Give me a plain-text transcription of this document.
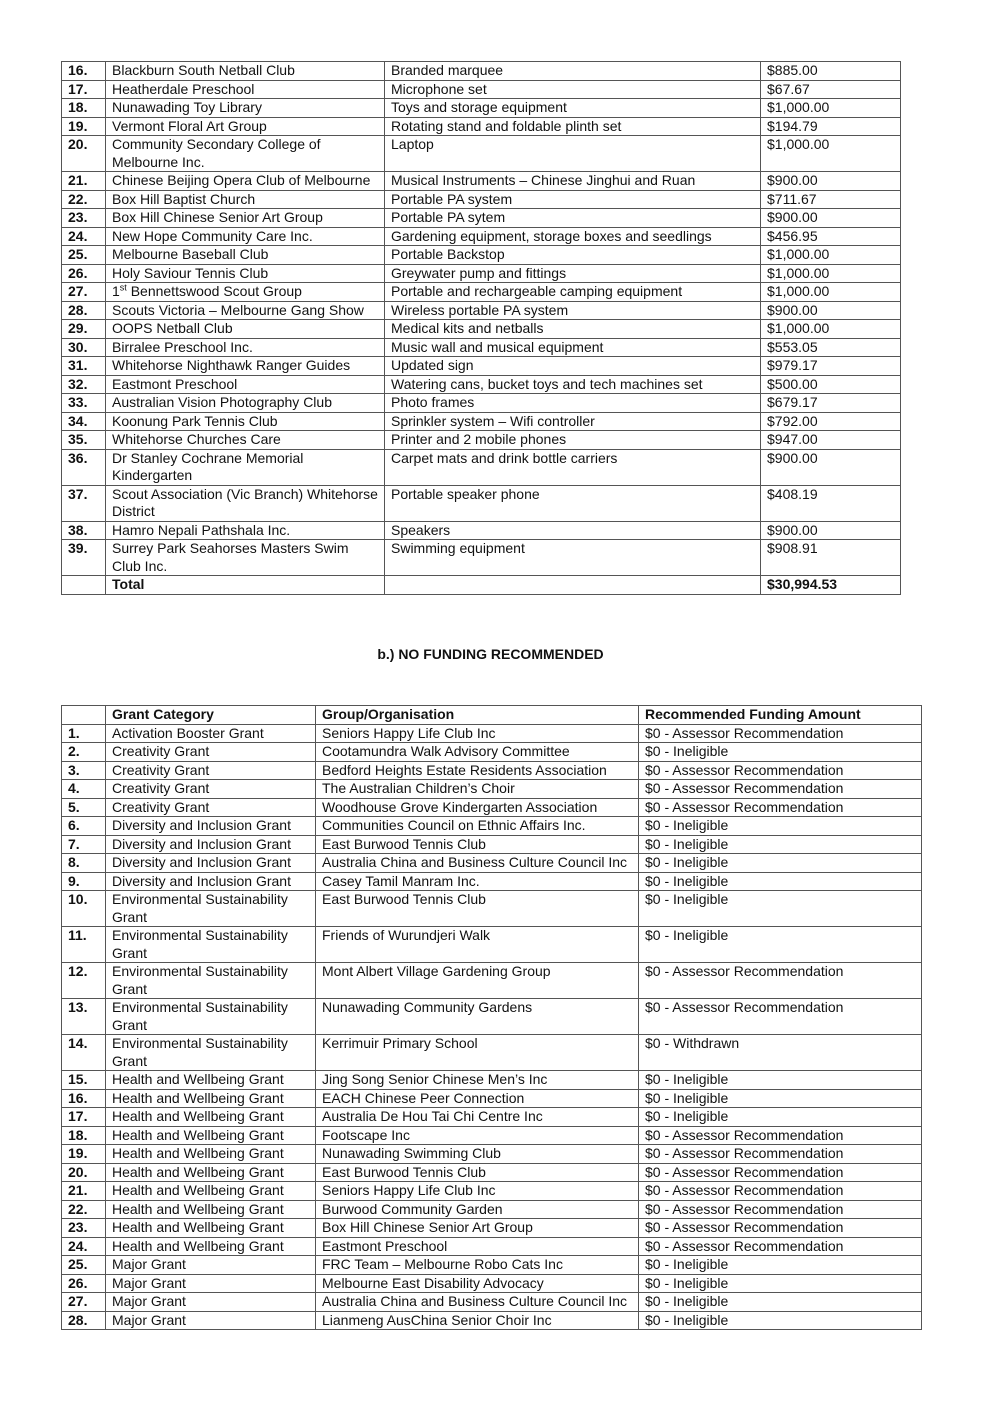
16.	Blackburn South Netball Club	Branded marquee	$885.00
17.	Heatherdale Preschool	Microphone set	$67.67
18.	Nunawading Toy Library	Toys and storage equipment	$1,000.00
19.	Vermont Floral Art Group	Rotating stand and foldable plinth set	$194.79
20.	Community Secondary College of Melbourne Inc.	Laptop	$1,000.00
21.	Chinese Beijing Opera Club of Melbourne	Musical Instruments – Chinese Jinghui and Ruan	$900.00
22.	Box Hill Baptist Church	Portable PA system	$711.67
23.	Box Hill Chinese Senior Art Group	Portable PA sytem	$900.00
24.	New Hope Community Care Inc.	Gardening equipment, storage boxes and seedlings	$456.95
25.	Melbourne Baseball Club	Portable Backstop	$1,000.00
26.	Holy Saviour Tennis Club	Greywater pump and fittings	$1,000.00
27.	1st Bennettswood Scout Group	Portable and rechargeable camping equipment	$1,000.00
28.	Scouts Victoria – Melbourne Gang Show	Wireless portable PA system	$900.00
29.	OOPS Netball Club	Medical kits and netballs	$1,000.00
30.	Birralee Preschool Inc.	Music wall and musical equipment	$553.05
31.	Whitehorse Nighthawk Ranger Guides	Updated sign	$979.17
32.	Eastmont Preschool	Watering cans, bucket toys and tech machines set	$500.00
33.	Australian Vision Photography Club	Photo frames	$679.17
34.	Koonung Park Tennis Club	Sprinkler system – Wifi controller	$792.00
35.	Whitehorse Churches Care	Printer and 2 mobile phones	$947.00
36.	Dr Stanley Cochrane Memorial Kindergarten	Carpet mats and drink bottle carriers	$900.00
37.	Scout Association (Vic Branch) Whitehorse District	Portable speaker phone	$408.19
38.	Hamro Nepali Pathshala Inc.	Speakers	$900.00
39.	Surrey Park Seahorses Masters Swim Club Inc.	Swimming equipment	$908.91
	Total		$30,994.53
b.) NO FUNDING RECOMMENDED
	Grant Category	Group/Organisation	Recommended Funding Amount
1.	Activation Booster Grant	Seniors Happy Life Club Inc	$0 - Assessor Recommendation
2.	Creativity Grant	Cootamundra Walk Advisory Committee	$0 - Ineligible
3.	Creativity Grant	Bedford Heights Estate Residents Association	$0 - Assessor Recommendation
4.	Creativity Grant	The Australian Children’s Choir	$0 - Assessor Recommendation
5.	Creativity Grant	Woodhouse Grove Kindergarten Association	$0 - Assessor Recommendation
6.	Diversity and Inclusion Grant	Communities Council on Ethnic Affairs Inc.	$0 - Ineligible
7.	Diversity and Inclusion Grant	East Burwood Tennis Club	$0 - Ineligible
8.	Diversity and Inclusion Grant	Australia China and Business Culture Council Inc	$0 - Ineligible
9.	Diversity and Inclusion Grant	Casey Tamil Manram Inc.	$0 - Ineligible
10.	Environmental Sustainability Grant	East Burwood Tennis Club	$0 - Ineligible
11.	Environmental Sustainability Grant	Friends of Wurundjeri Walk	$0 - Ineligible
12.	Environmental Sustainability Grant	Mont Albert Village Gardening Group	$0 - Assessor Recommendation
13.	Environmental Sustainability Grant	Nunawading Community Gardens	$0 - Assessor Recommendation
14.	Environmental Sustainability Grant	Kerrimuir Primary School	$0 - Withdrawn
15.	Health and Wellbeing Grant	Jing Song Senior Chinese Men’s Inc	$0 - Ineligible
16.	Health and Wellbeing Grant	EACH Chinese Peer Connection	$0 - Ineligible
17.	Health and Wellbeing Grant	Australia De Hou Tai Chi Centre Inc	$0 - Ineligible
18.	Health and Wellbeing Grant	Footscape Inc	$0 - Assessor Recommendation
19.	Health and Wellbeing Grant	Nunawading Swimming Club	$0 - Assessor Recommendation
20.	Health and Wellbeing Grant	East Burwood Tennis Club	$0 - Assessor Recommendation
21.	Health and Wellbeing Grant	Seniors Happy Life Club Inc	$0 - Assessor Recommendation
22.	Health and Wellbeing Grant	Burwood Community Garden	$0 - Assessor Recommendation
23.	Health and Wellbeing Grant	Box Hill Chinese Senior Art Group	$0 - Assessor Recommendation
24.	Health and Wellbeing Grant	Eastmont Preschool	$0 - Assessor Recommendation
25.	Major Grant	FRC Team – Melbourne Robo Cats Inc	$0 - Ineligible
26.	Major Grant	Melbourne East Disability Advocacy	$0 - Ineligible
27.	Major Grant	Australia China and Business Culture Council Inc	$0 - Ineligible
28.	Major Grant	Lianmeng AusChina Senior Choir Inc	$0 - Ineligible
